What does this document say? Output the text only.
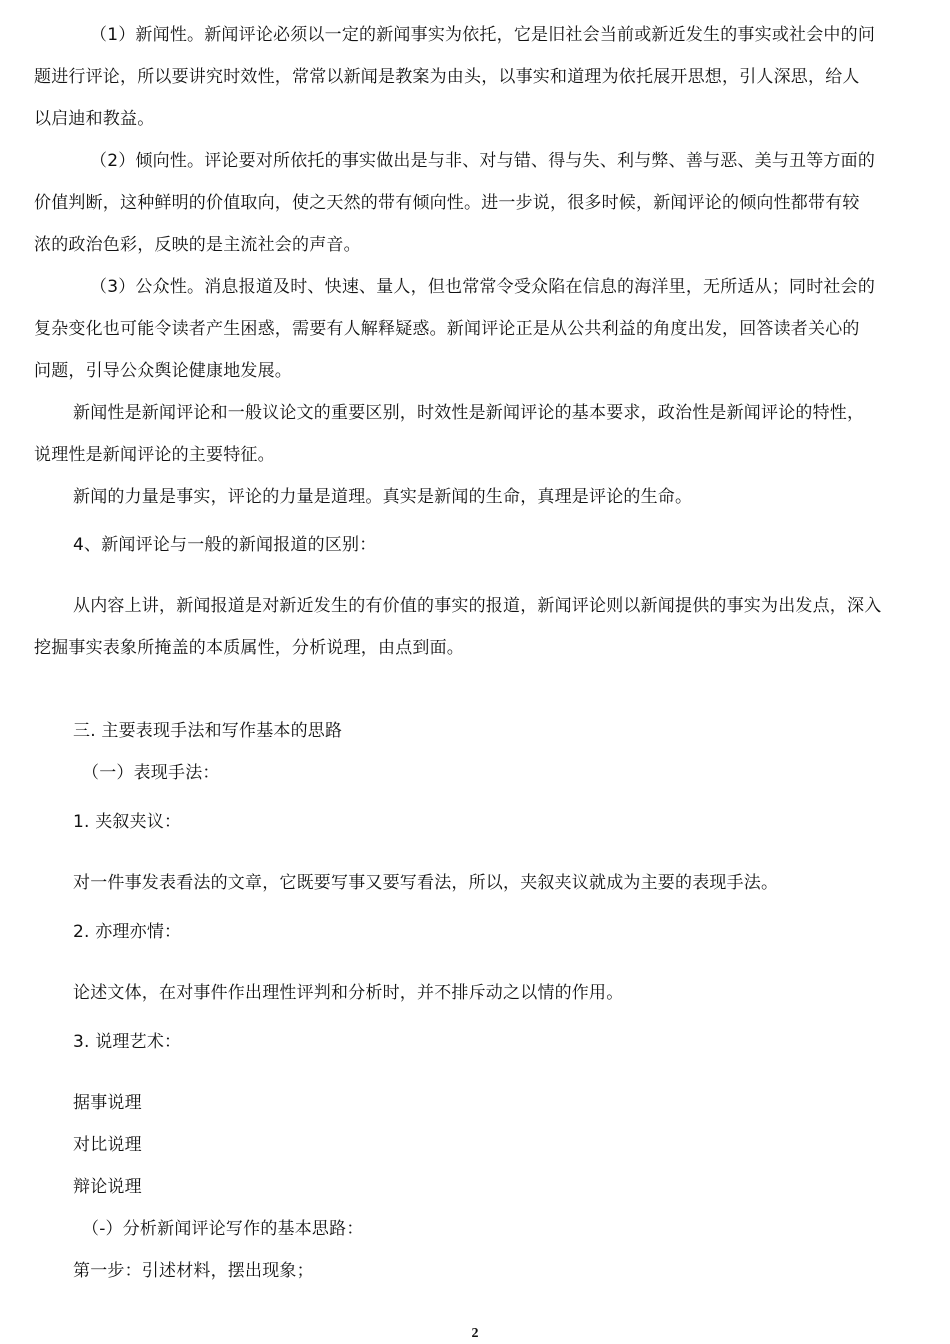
（1）新闻性。新闻评论必须以一定的新闻事实为依托，它是旧社会当前或新近发生的事实或社会中的问
题进行评论，所以要讲究时效性，常常以新闻是教案为由头，以事实和道理为依托展开思想，引人深思，给人
以启迪和教益。
（2）倾向性。评论要对所依托的事实做出是与非、对与错、得与失、利与弊、善与恶、美与丑等方面的
价值判断，这种鲜明的价值取向，使之天然的带有倾向性。进一步说，很多时候，新闻评论的倾向性都带有较
浓的政治色彩，反映的是主流社会的声音。
（3）公众性。消息报道及时、快速、量人，但也常常令受众陷在信息的海洋里，无所适从；同时社会的
复杂变化也可能令读者产生困惑，需要有人解释疑惑。新闻评论正是从公共利益的角度出发，回答读者关心的
问题，引导公众舆论健康地发展。
新闻性是新闻评论和一般议论文的重要区别，时效性是新闻评论的基本要求，政治性是新闻评论的特性，
说理性是新闻评论的主要特征。
新闻的力量是事实，评论的力量是道理。真实是新闻的生命，真理是评论的生命。
4、新闻评论与一般的新闻报道的区别：
从内容上讲，新闻报道是对新近发生的有价值的事实的报道，新闻评论则以新闻提供的事实为出发点，深入
挖掘事实表象所掩盖的本质属性，分析说理，由点到面。
三. 主要表现手法和写作基本的思路
（一）表现手法：
1. 夹叙夹议：
对一件事发表看法的文章，它既要写事又要写看法，所以，夹叙夹议就成为主要的表现手法。
2. 亦理亦情：
论述文体，在对事件作出理性评判和分析时，并不排斥动之以情的作用。
3. 说理艺术：
据事说理
对比说理
辩论说理
（-）分析新闻评论写作的基本思路：
第一步：引述材料，摆出现象；
2
